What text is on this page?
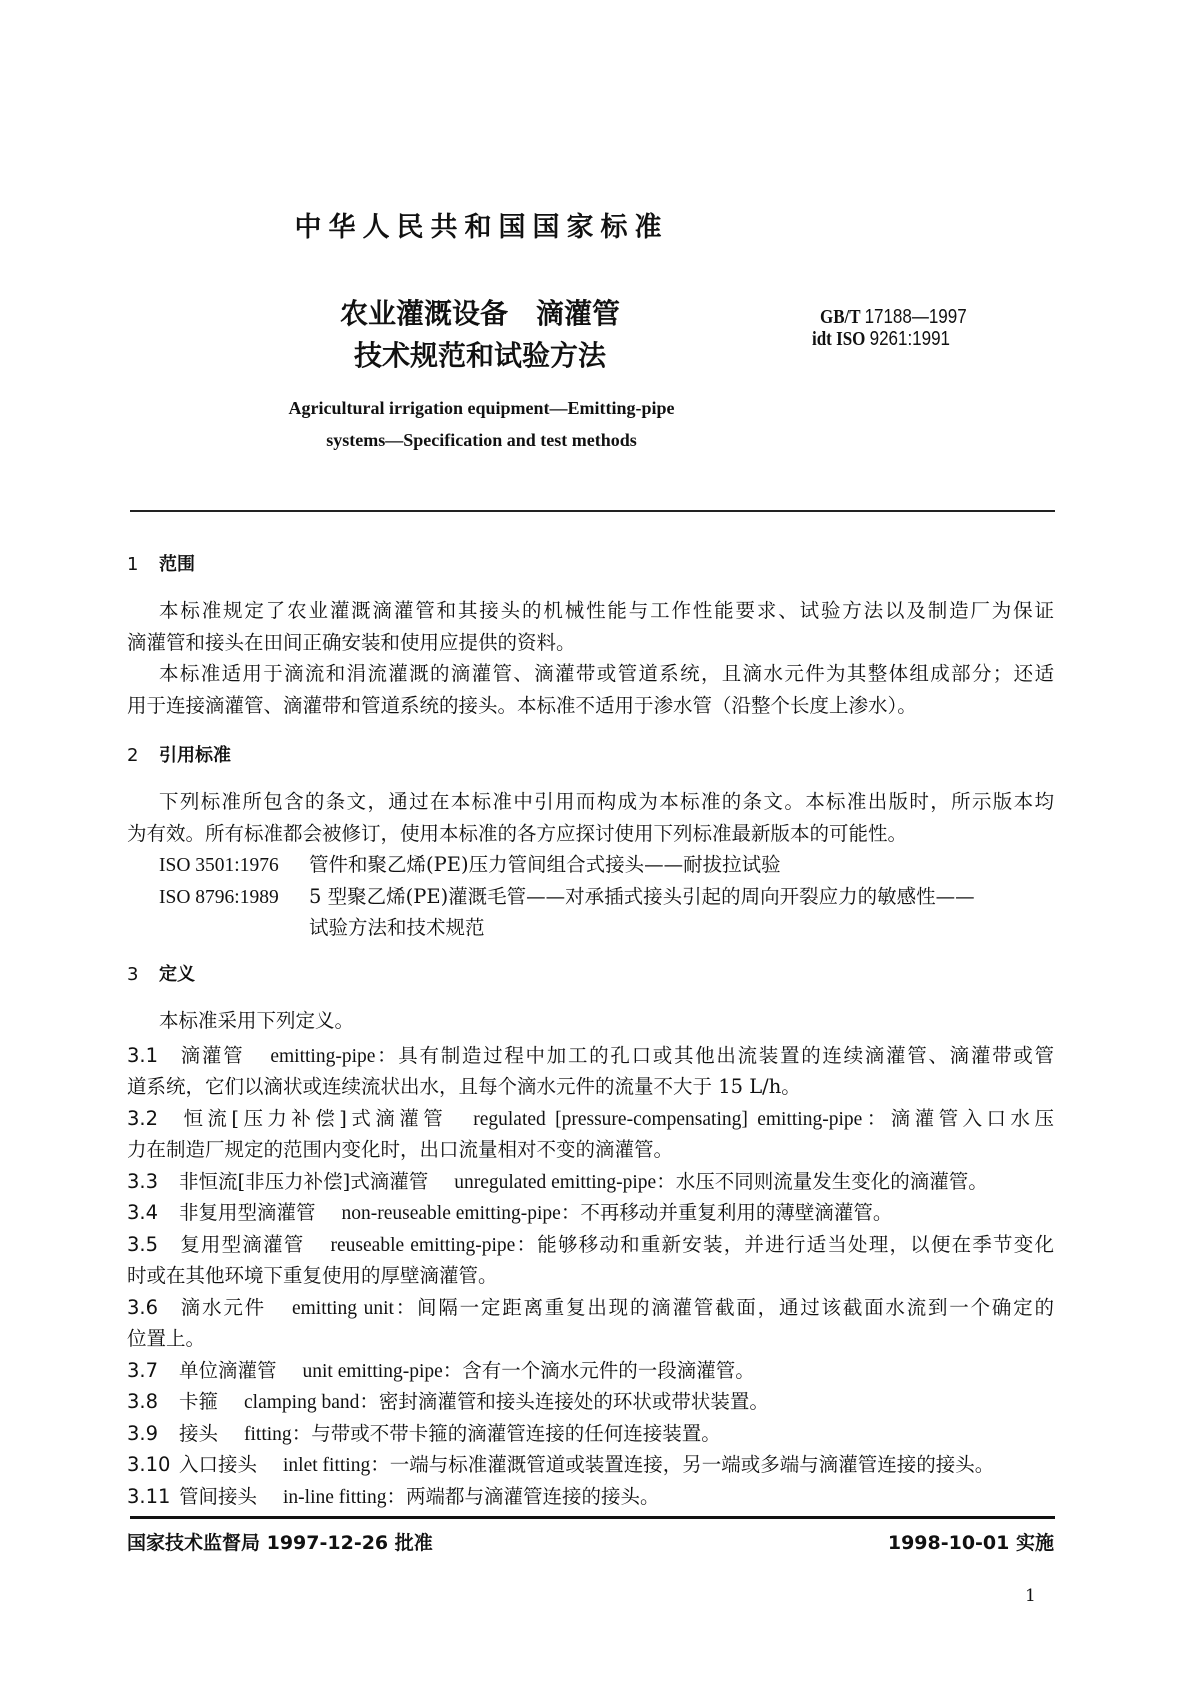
中华人民共和国国家标准
农业灌溉设备　滴灌管
技术规范和试验方法
GB/T 17188—1997
idt ISO 9261:1991
Agricultural irrigation equipment—Emitting-pipe
systems—Specification and test methods
1 范围
本标准规定了农业灌溉滴灌管和其接头的机械性能与工作性能要求、试验方法以及制造厂为保证
滴灌管和接头在田间正确安装和使用应提供的资料。
本标准适用于滴流和涓流灌溉的滴灌管、滴灌带或管道系统，且滴水元件为其整体组成部分；还适
用于连接滴灌管、滴灌带和管道系统的接头。本标准不适用于渗水管（沿整个长度上渗水）。
2 引用标准
下列标准所包含的条文，通过在本标准中引用而构成为本标准的条文。本标准出版时，所示版本均
为有效。所有标准都会被修订，使用本标准的各方应探讨使用下列标准最新版本的可能性。
ISO 3501:1976 管件和聚乙烯(PE)压力管间组合式接头——耐拔拉试验
ISO 8796:1989 5 型聚乙烯(PE)灌溉毛管——对承插式接头引起的周向开裂应力的敏感性——
试验方法和技术规范
3 定义
本标准采用下列定义。
3.1 滴灌管 emitting-pipe：具有制造过程中加工的孔口或其他出流装置的连续滴灌管、滴灌带或管
道系统，它们以滴状或连续流状出水，且每个滴水元件的流量不大于 15 L/h。
3.2 恒流[压力补偿]式滴灌管 regulated [pressure-compensating] emitting-pipe：滴灌管入口水压
力在制造厂规定的范围内变化时，出口流量相对不变的滴灌管。
3.3 非恒流[非压力补偿]式滴灌管 unregulated emitting-pipe：水压不同则流量发生变化的滴灌管。
3.4 非复用型滴灌管 non-reuseable emitting-pipe：不再移动并重复利用的薄壁滴灌管。
3.5 复用型滴灌管 reuseable emitting-pipe：能够移动和重新安装，并进行适当处理，以便在季节变化
时或在其他环境下重复使用的厚壁滴灌管。
3.6 滴水元件 emitting unit：间隔一定距离重复出现的滴灌管截面，通过该截面水流到一个确定的
位置上。
3.7 单位滴灌管 unit emitting-pipe：含有一个滴水元件的一段滴灌管。
3.8 卡箍 clamping band：密封滴灌管和接头连接处的环状或带状装置。
3.9 接头 fitting：与带或不带卡箍的滴灌管连接的任何连接装置。
3.10 入口接头 inlet fitting：一端与标准灌溉管道或装置连接，另一端或多端与滴灌管连接的接头。
3.11 管间接头 in-line fitting：两端都与滴灌管连接的接头。
国家技术监督局 1997-12-26 批准	1998-10-01 实施
1
